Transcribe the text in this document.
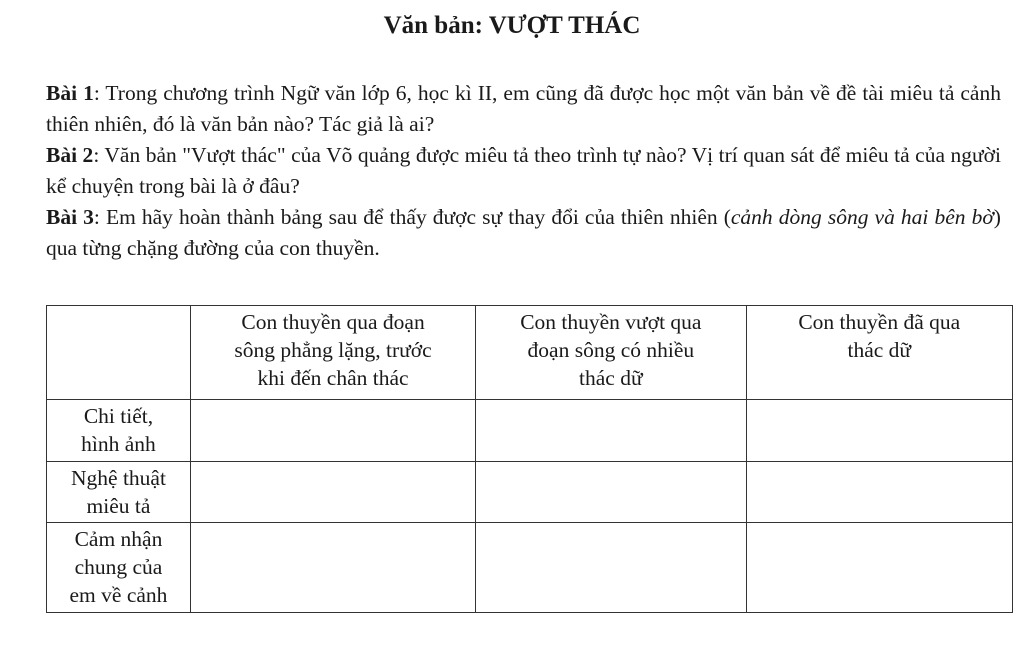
Văn bản: VƯỢT THÁC

Bài 1: Trong chương trình Ngữ văn lớp 6, học kì II, em cũng đã được học một văn bản về đề tài miêu tả cảnh thiên nhiên, đó là văn bản nào? Tác giả là ai?

Bài 2: Văn bản "Vượt thác" của Võ quảng được miêu tả theo trình tự nào? Vị trí quan sát để miêu tả của người kể chuyện trong bài là ở đâu?

Bài 3: Em hãy hoàn thành bảng sau để thấy được sự thay đổi của thiên nhiên (cảnh dòng sông và hai bên bờ) qua từng chặng đường của con thuyền.

	Con thuyền qua đoạn
sông phẳng lặng, trước
khi đến chân thác	Con thuyền vượt qua
đoạn sông có nhiều
thác dữ	Con thuyền đã qua
thác dữ

Chi tiết,
hình ảnh			

Nghệ thuật
miêu tả			

Cảm nhận
chung của
em về cảnh			
